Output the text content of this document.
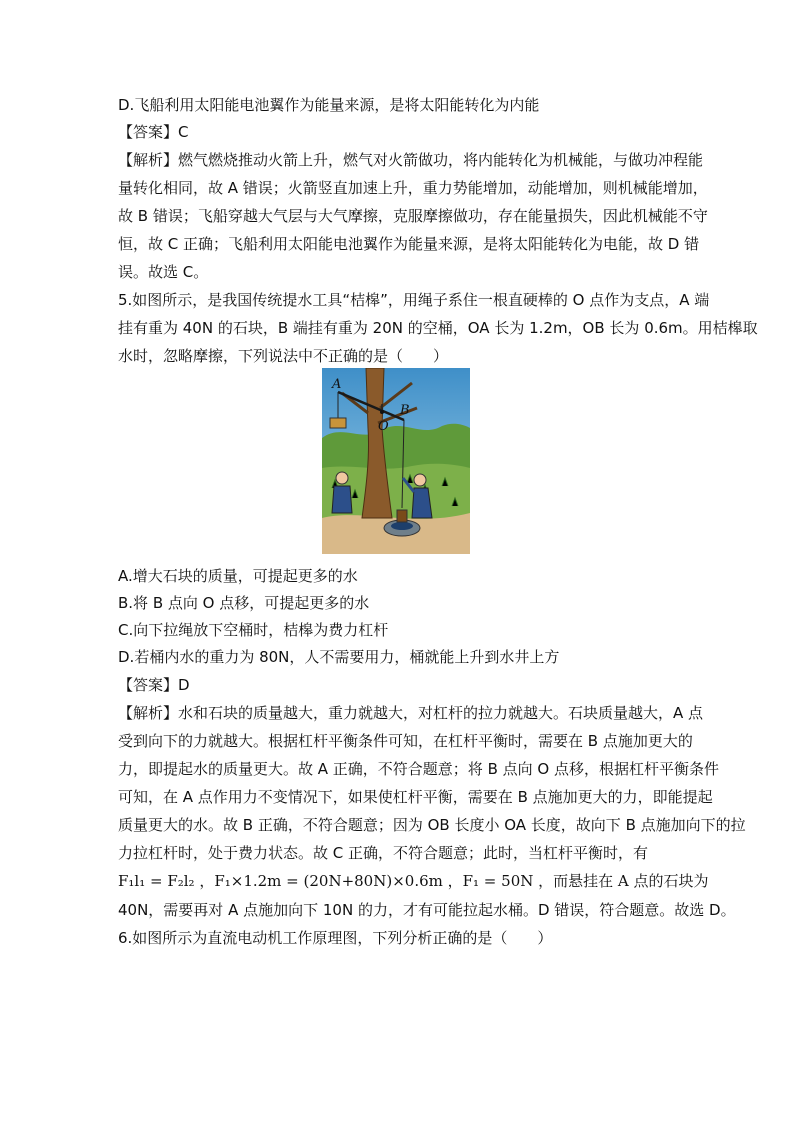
D.飞船利用太阳能电池翼作为能量来源，是将太阳能转化为内能
【答案】C
【解析】燃气燃烧推动火箭上升，燃气对火箭做功，将内能转化为机械能，与做功冲程能
量转化相同，故 A 错误；火箭竖直加速上升，重力势能增加，动能增加，则机械能增加，
故 B 错误；飞船穿越大气层与大气摩擦，克服摩擦做功，存在能量损失，因此机械能不守
恒，故 C 正确；飞船利用太阳能电池翼作为能量来源，是将太阳能转化为电能，故 D 错
误。故选 C。
5.如图所示，是我国传统提水工具“桔槔”，用绳子系住一根直硬棒的 O 点作为支点，A 端
挂有重为 40N 的石块，B 端挂有重为 20N 的空桶，OA 长为 1.2m，OB 长为 0.6m。用桔槔取
水时，忽略摩擦，下列说法中不正确的是（　　）
A
B
O
A.增大石块的质量，可提起更多的水
B.将 B 点向 O 点移，可提起更多的水
C.向下拉绳放下空桶时，桔槔为费力杠杆
D.若桶内水的重力为 80N，人不需要用力，桶就能上升到水井上方
【答案】D
【解析】水和石块的质量越大，重力就越大，对杠杆的拉力就越大。石块质量越大，A 点
受到向下的力就越大。根据杠杆平衡条件可知，在杠杆平衡时，需要在 B 点施加更大的
力，即提起水的质量更大。故 A 正确，不符合题意；将 B 点向 O 点移，根据杠杆平衡条件
可知，在 A 点作用力不变情况下，如果使杠杆平衡，需要在 B 点施加更大的力，即能提起
质量更大的水。故 B 正确，不符合题意；因为 OB 长度小 OA 长度，故向下 B 点施加向下的拉
力拉杠杆时，处于费力状态。故 C 正确，不符合题意；此时，当杠杆平衡时，有
F₁l₁ = F₂l₂ ，F₁×1.2m = (20N+80N)×0.6m ，F₁ = 50N ，而悬挂在 A 点的石块为
40N，需要再对 A 点施加向下 10N 的力，才有可能拉起水桶。D 错误，符合题意。故选 D。
6.如图所示为直流电动机工作原理图，下列分析正确的是（　　）
